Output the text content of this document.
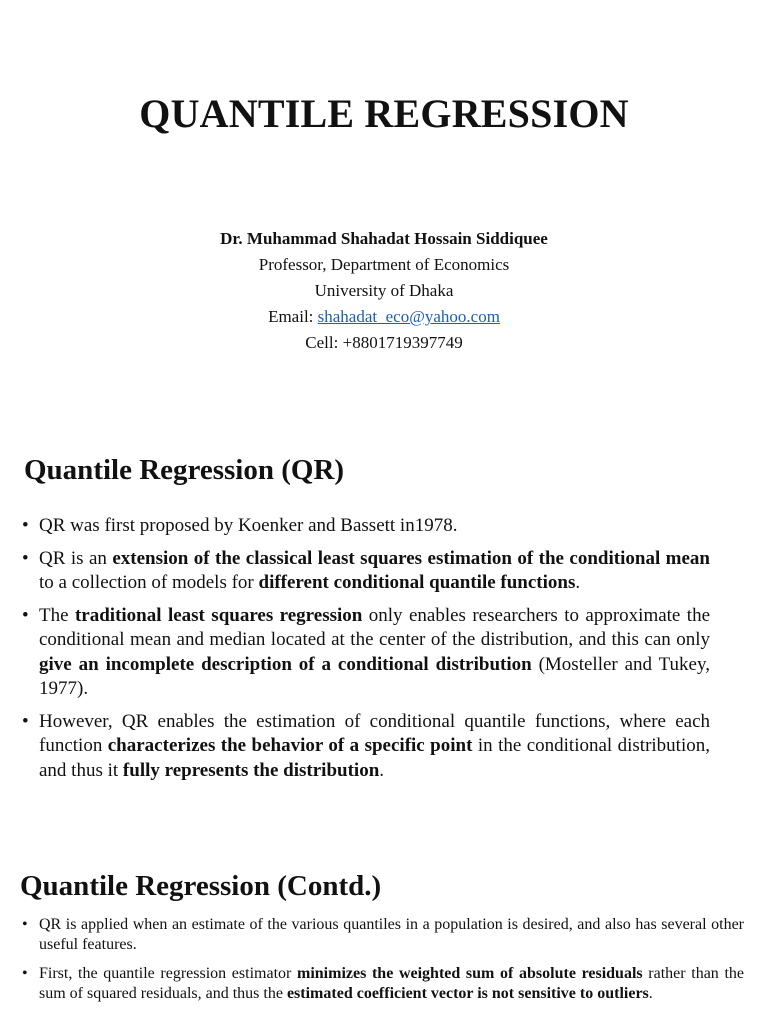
QUANTILE REGRESSION
Dr. Muhammad Shahadat Hossain Siddiquee
Professor, Department of Economics
University of Dhaka
Email: shahadat_eco@yahoo.com
Cell: +8801719397749
Quantile Regression (QR)
• QR was first proposed by Koenker and Bassett in1978.
• QR is an extension of the classical least squares estimation of the conditional mean to a collection of models for different conditional quantile functions.
• The traditional least squares regression only enables researchers to approximate the conditional mean and median located at the center of the distribution, and this can only give an incomplete description of a conditional distribution (Mosteller and Tukey, 1977).
• However, QR enables the estimation of conditional quantile functions, where each function characterizes the behavior of a specific point in the conditional distribution, and thus it fully represents the distribution.
Quantile Regression (Contd.)
• QR is applied when an estimate of the various quantiles in a population is desired, and also has several other useful features.
• First, the quantile regression estimator minimizes the weighted sum of absolute residuals rather than the sum of squared residuals, and thus the estimated coefficient vector is not sensitive to outliers.
